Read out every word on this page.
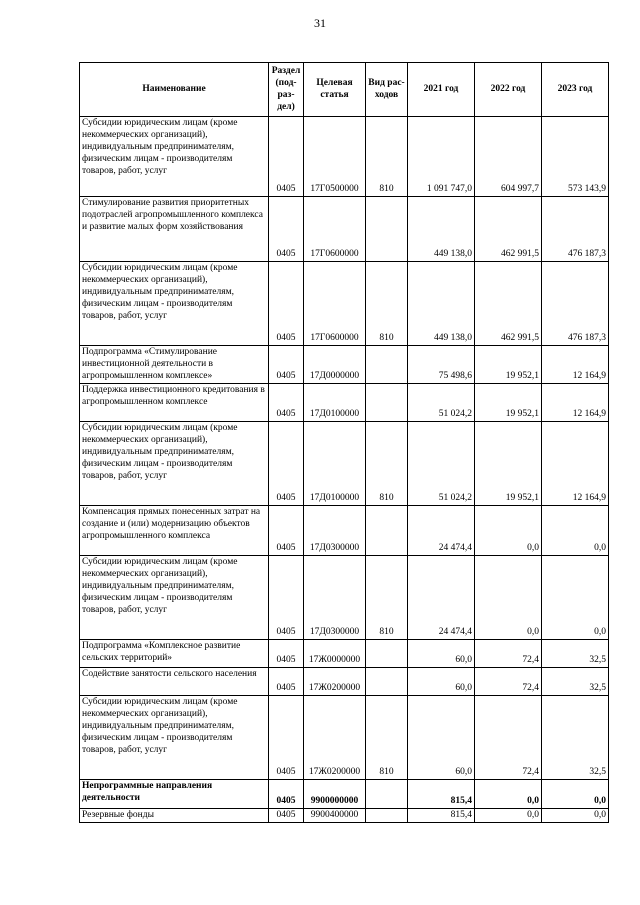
31
Наименование	Раздел (под-раз-дел)	Целевая статья	Вид рас-ходов	2021 год	2022 год	2023 год
Субсидии юридическим лицам (кроме некоммерческих организаций), индивидуальным предпринимателям, физическим лицам - производителям товаров, работ, услуг	0405	17Г0500000	810	1 091 747,0	604 997,7	573 143,9
Стимулирование развития приоритетных подотраслей агропромышленного комплекса и развитие малых форм хозяйствования	0405	17Г0600000		449 138,0	462 991,5	476 187,3
Субсидии юридическим лицам (кроме некоммерческих организаций), индивидуальным предпринимателям, физическим лицам - производителям товаров, работ, услуг	0405	17Г0600000	810	449 138,0	462 991,5	476 187,3
Подпрограмма «Стимулирование инвестиционной деятельности в агропромышленном комплексе»	0405	17Д0000000		75 498,6	19 952,1	12 164,9
Поддержка инвестиционного кредитования в агропромышленном комплексе	0405	17Д0100000		51 024,2	19 952,1	12 164,9
Субсидии юридическим лицам (кроме некоммерческих организаций), индивидуальным предпринимателям, физическим лицам - производителям товаров, работ, услуг	0405	17Д0100000	810	51 024,2	19 952,1	12 164,9
Компенсация прямых понесенных затрат на создание и (или) модернизацию объектов агропромышленного комплекса	0405	17Д0300000		24 474,4	0,0	0,0
Субсидии юридическим лицам (кроме некоммерческих организаций), индивидуальным предпринимателям, физическим лицам - производителям товаров, работ, услуг	0405	17Д0300000	810	24 474,4	0,0	0,0
Подпрограмма «Комплексное развитие сельских территорий»	0405	17Ж0000000		60,0	72,4	32,5
Содействие занятости сельского населения	0405	17Ж0200000		60,0	72,4	32,5
Субсидии юридическим лицам (кроме некоммерческих организаций), индивидуальным предпринимателям, физическим лицам - производителям товаров, работ, услуг	0405	17Ж0200000	810	60,0	72,4	32,5
Непрограммные направления деятельности	0405	9900000000		815,4	0,0	0,0
Резервные фонды	0405	9900400000		815,4	0,0	0,0
